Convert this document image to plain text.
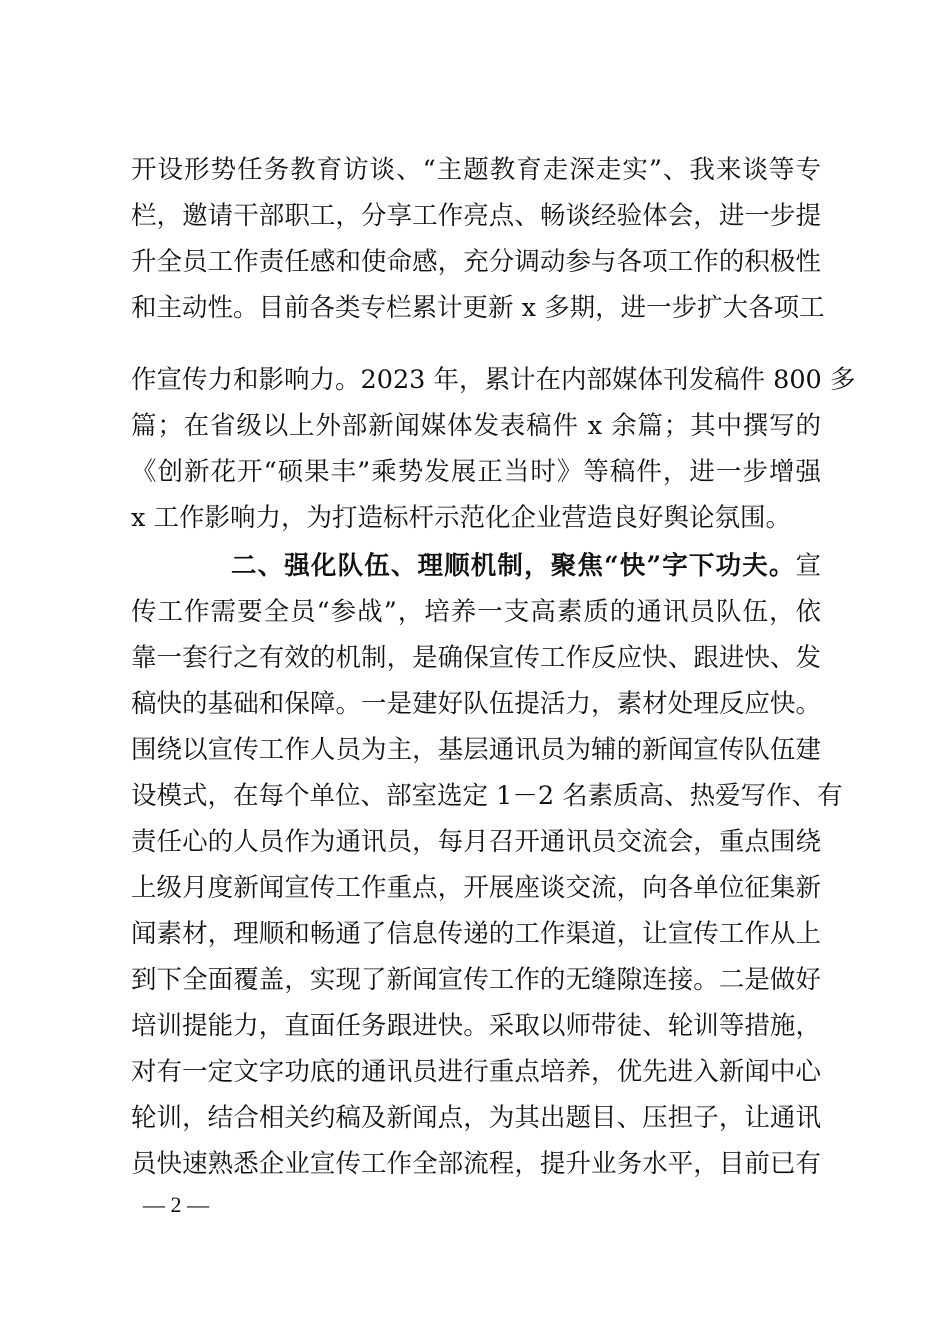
开设形势任务教育访谈、“主题教育走深走实”、我来谈等专
栏，邀请干部职工，分享工作亮点、畅谈经验体会，进一步提
升全员工作责任感和使命感，充分调动参与各项工作的积极性
和主动性。目前各类专栏累计更新 x 多期，进一步扩大各项工
作宣传力和影响力。2023 年，累计在内部媒体刊发稿件 800 多
篇；在省级以上外部新闻媒体发表稿件 x 余篇；其中撰写的
《创新花开“硕果丰”乘势发展正当时》等稿件，进一步增强
x 工作影响力，为打造标杆示范化企业营造良好舆论氛围。
二、强化队伍、理顺机制，聚焦“快”字下功夫。宣
传工作需要全员“参战”，培养一支高素质的通讯员队伍，依
靠一套行之有效的机制，是确保宣传工作反应快、跟进快、发
稿快的基础和保障。一是建好队伍提活力，素材处理反应快。
围绕以宣传工作人员为主，基层通讯员为辅的新闻宣传队伍建
设模式，在每个单位、部室选定 1－2 名素质高、热爱写作、有
责任心的人员作为通讯员，每月召开通讯员交流会，重点围绕
上级月度新闻宣传工作重点，开展座谈交流，向各单位征集新
闻素材，理顺和畅通了信息传递的工作渠道，让宣传工作从上
到下全面覆盖，实现了新闻宣传工作的无缝隙连接。二是做好
培训提能力，直面任务跟进快。采取以师带徒、轮训等措施，
对有一定文字功底的通讯员进行重点培养，优先进入新闻中心
轮训，结合相关约稿及新闻点，为其出题目、压担子，让通讯
员快速熟悉企业宣传工作全部流程，提升业务水平，目前已有
— 2 —
